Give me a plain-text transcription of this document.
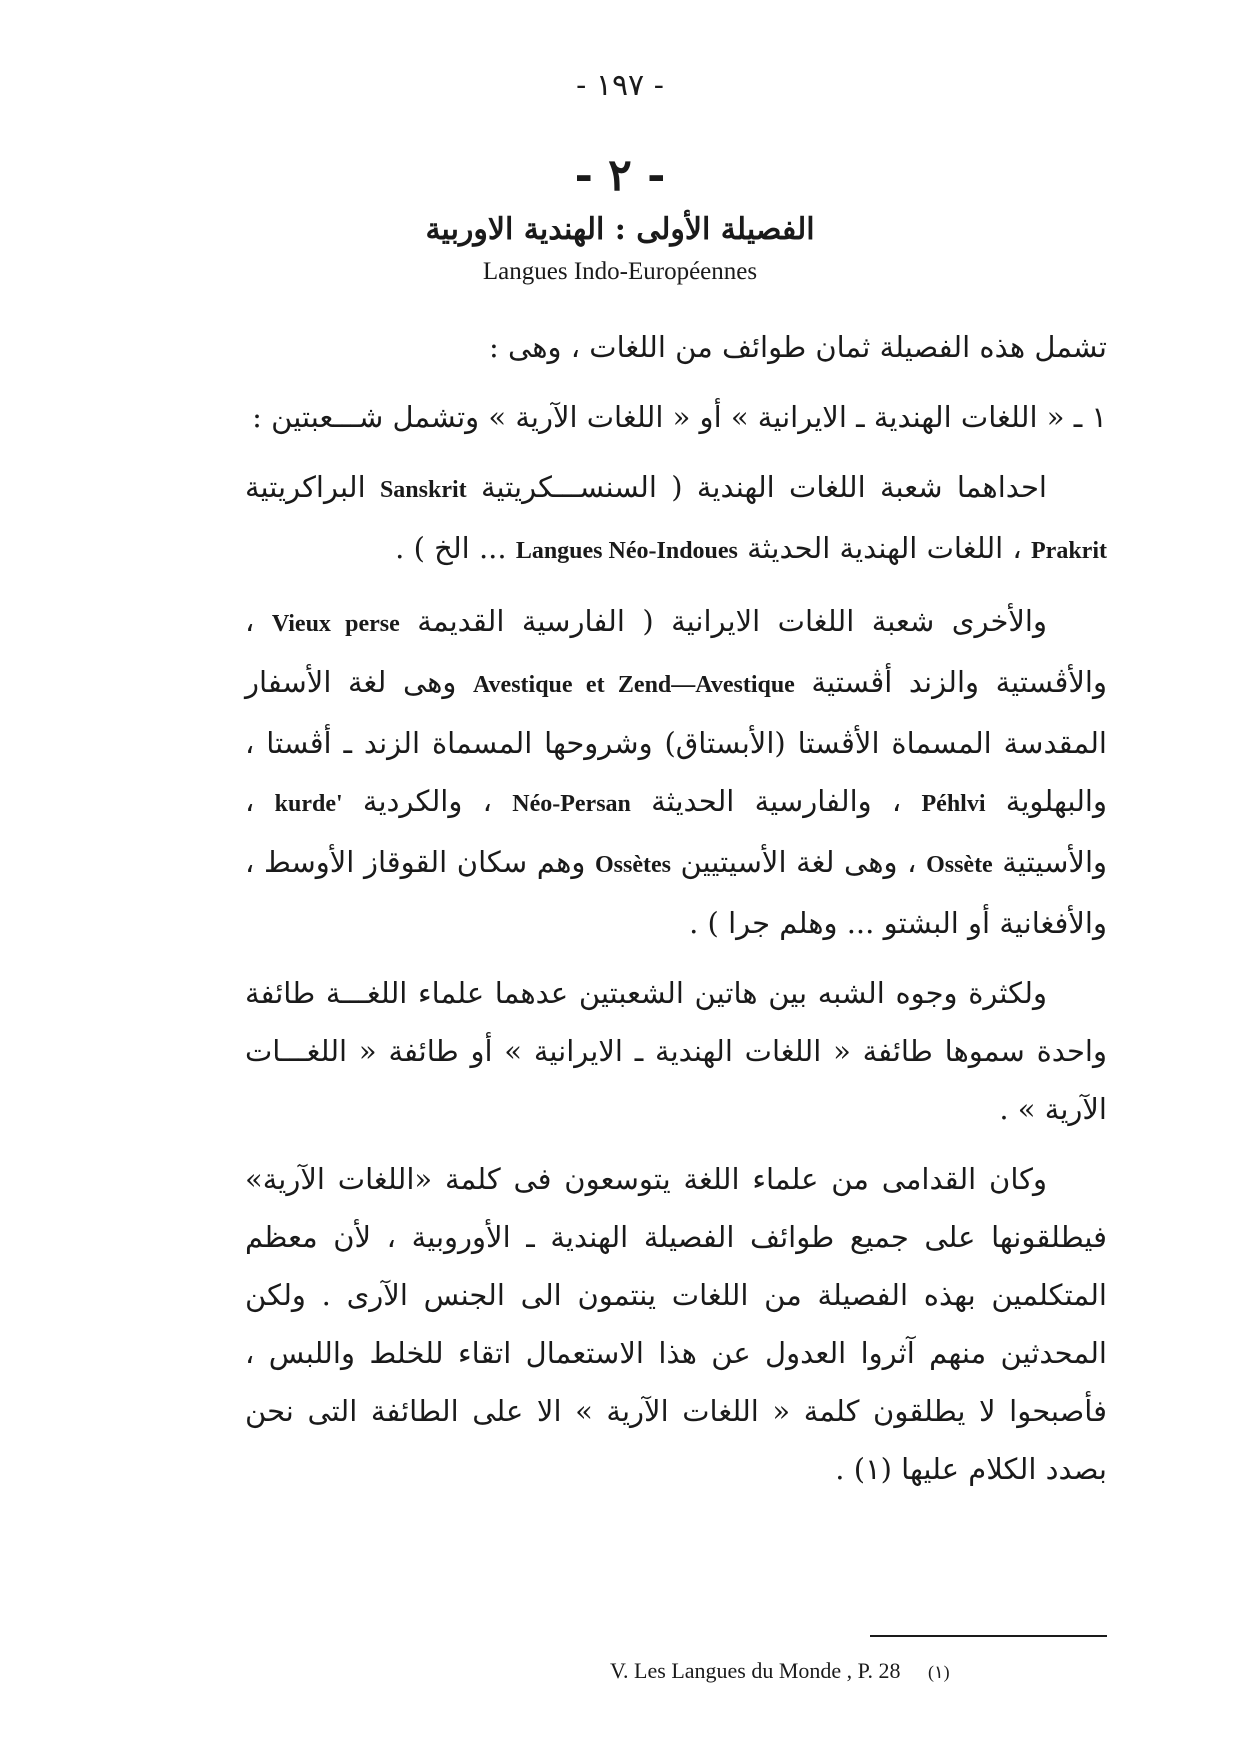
- ١٩٧ -
- ٢ -
الفصيلة الأولى : الهندية الاوربية
Langues Indo-Européennes

تشمل هذه الفصيلة ثمان طوائف من اللغات ، وهى :

١ ـ « اللغات الهندية ـ الايرانية » أو « اللغات الآرية » وتشمل شـــعبتين :

احداهما شعبة اللغات الهندية ( السنســـكريتية Sanskrit البراكريتية Prakrit ، اللغات الهندية الحديثة Langues Néo-Indoues ... الخ ) .

والأخرى شعبة اللغات الايرانية ( الفارسية القديمة Vieux perse ، والأڤستية والزند أڤستية Avestique et Zend—Avestique وهى لغة الأسفار المقدسة المسماة الأڤستا (الأبستاق) وشروحها المسماة الزند ـ أڤستا ، والبهلوية Péhlvi ، والفارسية الحديثة Néo-Persan ، والكردية kurde' ، والأسيتية Ossète ، وهى لغة الأسيتيين Ossètes وهم سكان القوقاز الأوسط ، والأفغانية أو البشتو ... وهلم جرا ) .

ولكثرة وجوه الشبه بين هاتين الشعبتين عدهما علماء اللغـــة طائفة واحدة سموها طائفة « اللغات الهندية ـ الايرانية » أو طائفة « اللغـــات الآرية » .

وكان القدامى من علماء اللغة يتوسعون فى كلمة «اللغات الآرية» فيطلقونها على جميع طوائف الفصيلة الهندية ـ الأوروبية ، لأن معظم المتكلمين بهذه الفصيلة من اللغات ينتمون الى الجنس الآرى . ولكن المحدثين منهم آثروا العدول عن هذا الاستعمال اتقاء للخلط واللبس ، فأصبحوا لا يطلقون كلمة « اللغات الآرية » الا على الطائفة التى نحن بصدد الكلام عليها (١) .

V. Les Langues du Monde , P. 28 (١)
